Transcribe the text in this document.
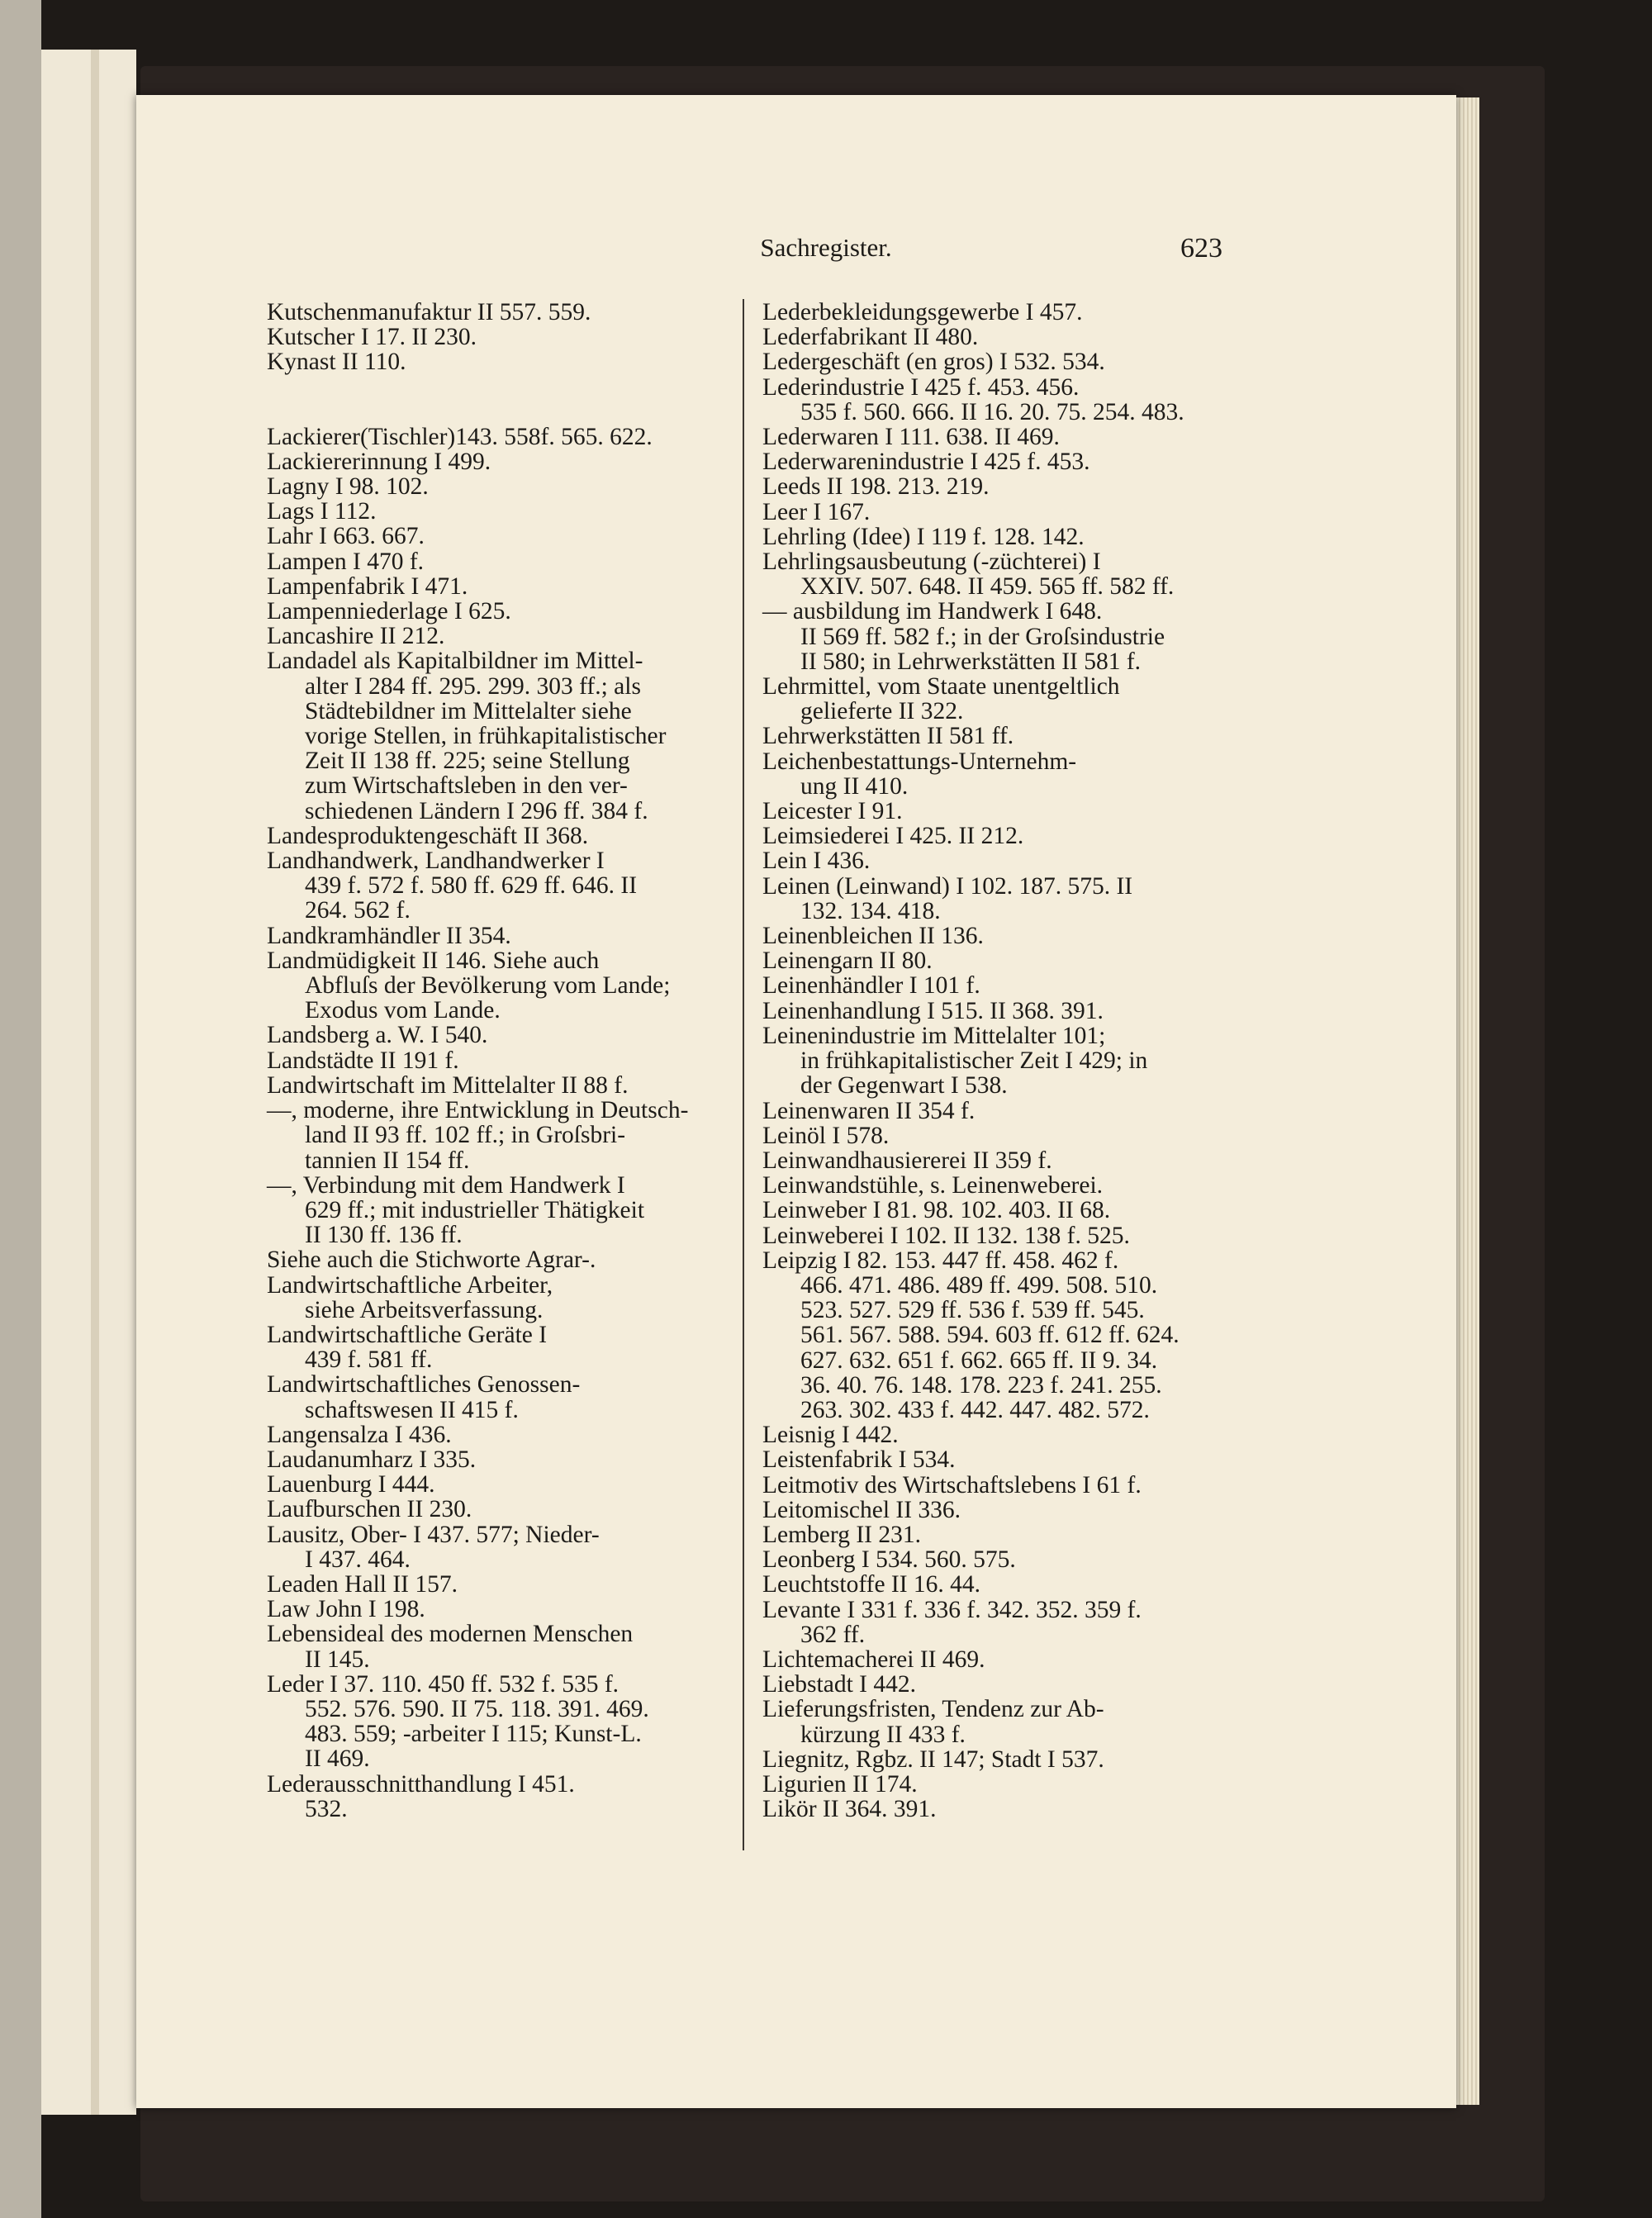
Sachregister.	623

Kutschenmanufaktur II 557. 559.

Kutscher I 17. II 230.

Kynast II 110.

Lackierer(Tischler)143. 558f. 565. 622.

Lackiererinnung I 499.

Lagny I 98. 102.

Lags I 112.

Lahr I 663. 667.

Lampen I 470 f.

Lampenfabrik I 471.

Lampenniederlage I 625.

Lancashire II 212.

Landadel als Kapitalbildner im Mittel-
alter I 284 ff. 295. 299. 303 ff.; als
Städtebildner im Mittelalter siehe
vorige Stellen, in frühkapitalistischer
Zeit II 138 ff. 225; seine Stellung
zum Wirtschaftsleben in den ver-
schiedenen Ländern I 296 ff. 384 f.

Landesproduktengeschäft II 368.

Landhandwerk, Landhandwerker I
439 f. 572 f. 580 ff. 629 ff. 646. II
264. 562 f.

Landkramhändler II 354.

Landmüdigkeit II 146. Siehe auch
Abfluſs der Bevölkerung vom Lande;
Exodus vom Lande.

Landsberg a. W. I 540.

Landstädte II 191 f.

Landwirtschaft im Mittelalter II 88 f.

—, moderne, ihre Entwicklung in Deutsch-
land II 93 ff. 102 ff.; in Groſsbri-
tannien II 154 ff.

—, Verbindung mit dem Handwerk I
629 ff.; mit industrieller Thätigkeit
II 130 ff. 136 ff.

Siehe auch die Stichworte Agrar-.

Landwirtschaftliche Arbeiter,
siehe Arbeitsverfassung.

Landwirtschaftliche Geräte I
439 f. 581 ff.

Landwirtschaftliches Genossen-
schaftswesen II 415 f.

Langensalza I 436.

Laudanumharz I 335.

Lauenburg I 444.

Laufburschen II 230.

Lausitz, Ober- I 437. 577; Nieder-
I 437. 464.

Leaden Hall II 157.

Law John I 198.

Lebensideal des modernen Menschen
II 145.

Leder I 37. 110. 450 ff. 532 f. 535 f.
552. 576. 590. II 75. 118. 391. 469.
483. 559; -arbeiter I 115; Kunst-L.
II 469.

Lederausschnitthandlung I 451.
532.

Lederbekleidungsgewerbe I 457.

Lederfabrikant II 480.

Ledergeschäft (en gros) I 532. 534.

Lederindustrie I 425 f. 453. 456.
535 f. 560. 666. II 16. 20. 75. 254. 483.

Lederwaren I 111. 638. II 469.

Lederwarenindustrie I 425 f. 453.

Leeds II 198. 213. 219.

Leer I 167.

Lehrling (Idee) I 119 f. 128. 142.

Lehrlingsausbeutung (-züchterei) I
XXIV. 507. 648. II 459. 565 ff. 582 ff.

— ausbildung im Handwerk I 648.
II 569 ff. 582 f.; in der Groſsindustrie
II 580; in Lehrwerkstätten II 581 f.

Lehrmittel, vom Staate unentgeltlich
gelieferte II 322.

Lehrwerkstätten II 581 ff.

Leichenbestattungs-Unternehm-
ung II 410.

Leicester I 91.

Leimsiederei I 425. II 212.

Lein I 436.

Leinen (Leinwand) I 102. 187. 575. II
132. 134. 418.

Leinenbleichen II 136.

Leinengarn II 80.

Leinenhändler I 101 f.

Leinenhandlung I 515. II 368. 391.

Leinenindustrie im Mittelalter 101;
in frühkapitalistischer Zeit I 429; in
der Gegenwart I 538.

Leinenwaren II 354 f.

Leinöl I 578.

Leinwandhausiererei II 359 f.

Leinwandstühle, s. Leinenweberei.

Leinweber I 81. 98. 102. 403. II 68.

Leinweberei I 102. II 132. 138 f. 525.

Leipzig I 82. 153. 447 ff. 458. 462 f.
466. 471. 486. 489 ff. 499. 508. 510.
523. 527. 529 ff. 536 f. 539 ff. 545.
561. 567. 588. 594. 603 ff. 612 ff. 624.
627. 632. 651 f. 662. 665 ff. II 9. 34.
36. 40. 76. 148. 178. 223 f. 241. 255.
263. 302. 433 f. 442. 447. 482. 572.

Leisnig I 442.

Leistenfabrik I 534.

Leitmotiv des Wirtschaftslebens I 61 f.

Leitomischel II 336.

Lemberg II 231.

Leonberg I 534. 560. 575.

Leuchtstoffe II 16. 44.

Levante I 331 f. 336 f. 342. 352. 359 f.
362 ff.

Lichtemacherei II 469.

Liebstadt I 442.

Lieferungsfristen, Tendenz zur Ab-
kürzung II 433 f.

Liegnitz, Rgbz. II 147; Stadt I 537.

Ligurien II 174.

Likör II 364. 391.
